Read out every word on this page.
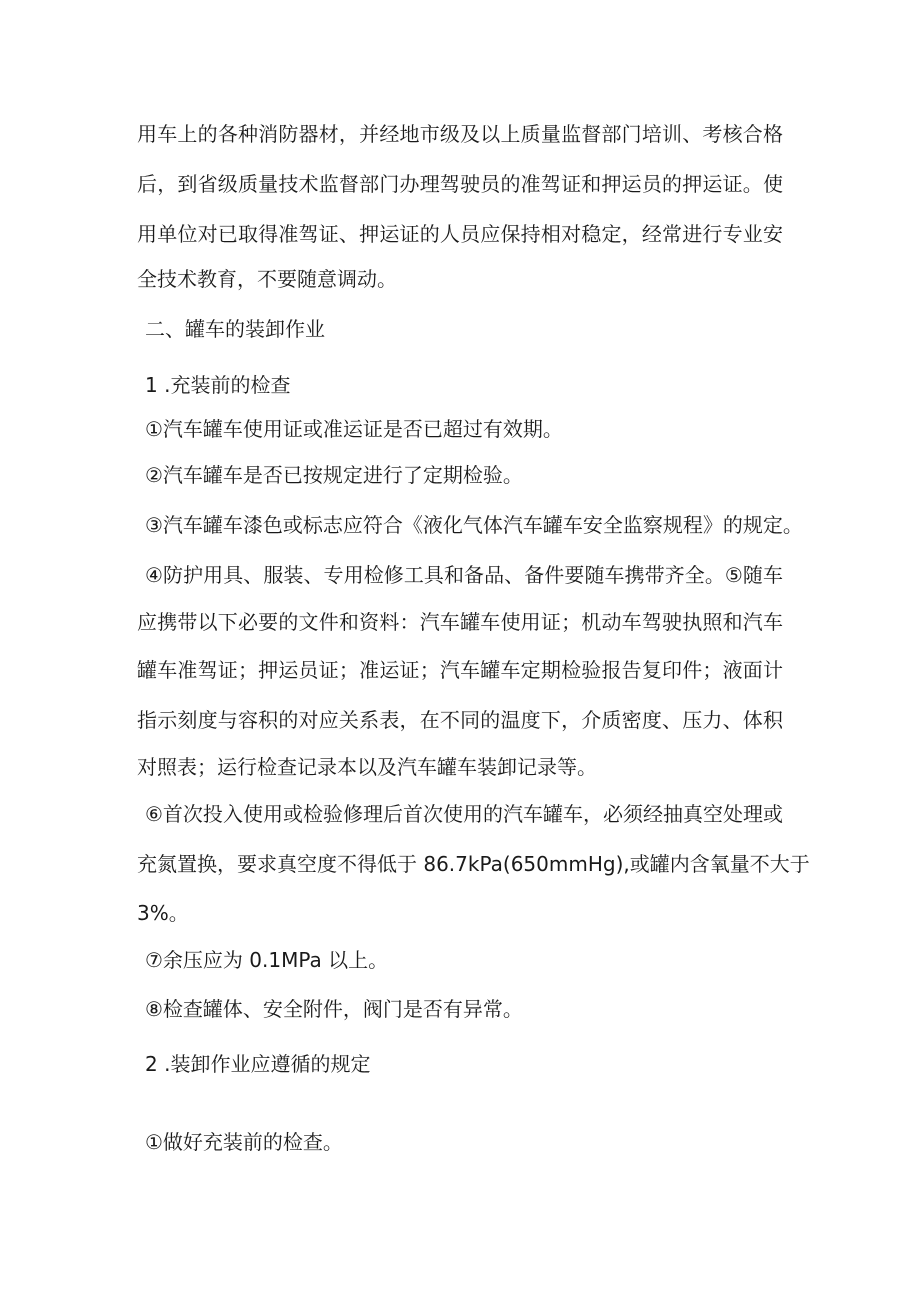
用车上的各种消防器材，并经地市级及以上质量监督部门培训、考核合格
后，到省级质量技术监督部门办理驾驶员的准驾证和押运员的押运证。使
用单位对已取得准驾证、押运证的人员应保持相对稳定，经常进行专业安
全技术教育，不要随意调动。
二、罐车的装卸作业
1 .充装前的检查
①汽车罐车使用证或准运证是否已超过有效期。
②汽车罐车是否已按规定进行了定期检验。
③汽车罐车漆色或标志应符合《液化气体汽车罐车安全监察规程》的规定。
④防护用具、服装、专用检修工具和备品、备件要随车携带齐全。⑤随车
应携带以下必要的文件和资料：汽车罐车使用证；机动车驾驶执照和汽车
罐车准驾证；押运员证；准运证；汽车罐车定期检验报告复印件；液面计
指示刻度与容积的对应关系表，在不同的温度下，介质密度、压力、体积
对照表；运行检查记录本以及汽车罐车装卸记录等。
⑥首次投入使用或检验修理后首次使用的汽车罐车，必须经抽真空处理或
充氮置换，要求真空度不得低于 86.7kPa(650mmHg),或罐内含氧量不大于
3%。
⑦余压应为 0.1MPa 以上。
⑧检查罐体、安全附件，阀门是否有异常。
2 .装卸作业应遵循的规定
①做好充装前的检查。
